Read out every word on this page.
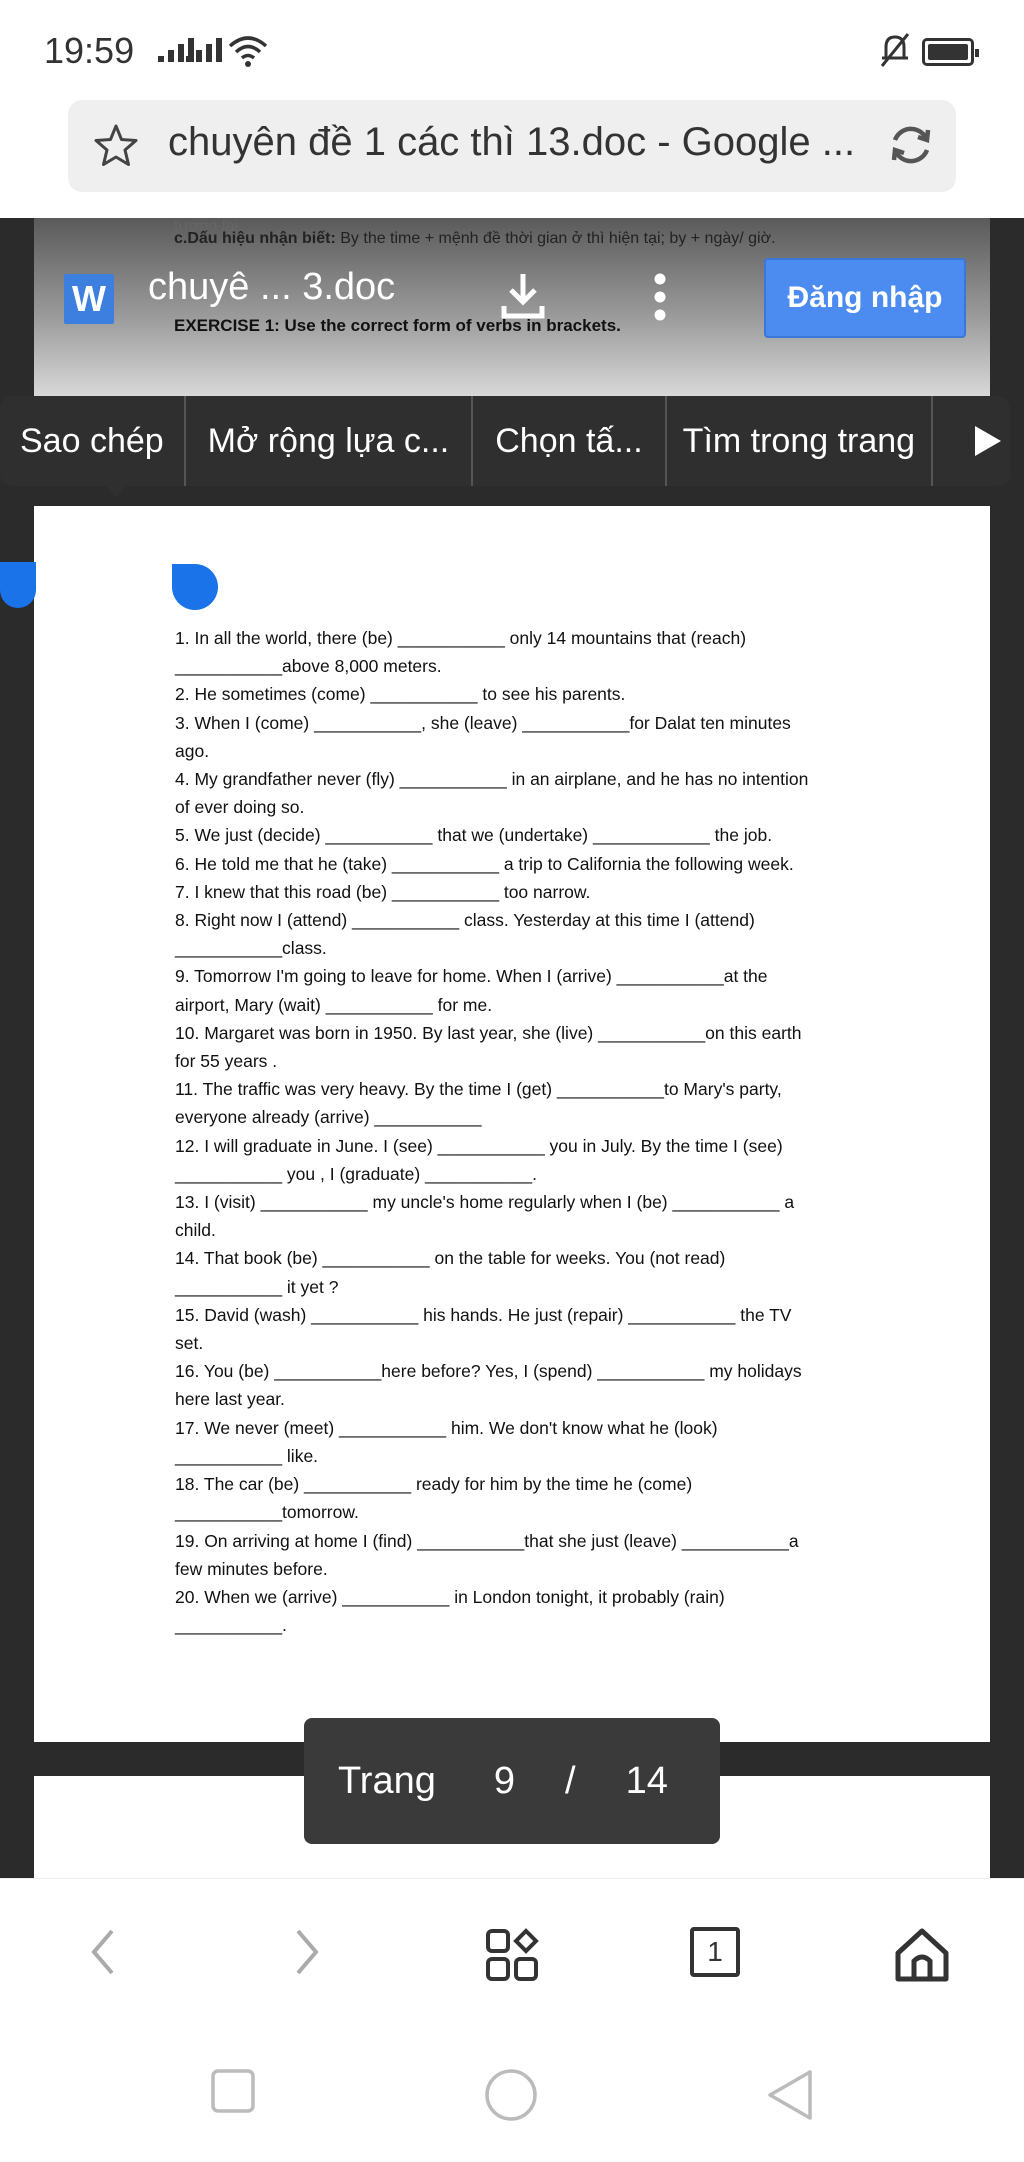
19:59
chuyên đề 1 các thì 13.doc - Google ...
tương lai.
c.Dấu hiệu nhận biết: By the time + mệnh đề thời gian ở thì hiện tại; by + ngày/ giờ.
EXERCISE 1: Use the correct form of verbs in brackets.
W chuyê ... 3.doc	Đăng nhập
Sao chép	Mở rộng lựa c...	Chọn tấ...	Tìm trong trang

1. In all the world, there (be) ___________ only 14 mountains that (reach)

___________above 8,000 meters.

2. He sometimes (come) ___________ to see his parents.

3. When I (come) ___________, she (leave) ___________for Dalat ten minutes

ago.

4. My grandfather never (fly) ___________ in an airplane, and he has no intention

of ever doing so.

5. We just (decide) ___________ that we (undertake) ____________ the job.

6. He told me that he (take) ___________ a trip to California the following week.

7. I knew that this road (be) ___________ too narrow.

8. Right now I (attend) ___________ class. Yesterday at this time I (attend)

___________class.

9. Tomorrow I'm going to leave for home. When I (arrive) ___________at the

airport, Mary (wait) ___________ for me.

10. Margaret was born in 1950. By last year, she (live) ___________on this earth

for 55 years .

11. The traffic was very heavy. By the time I (get) ___________to Mary's party,

everyone already (arrive) ___________

12. I will graduate in June. I (see) ___________ you in July. By the time I (see)

___________ you , I (graduate) ___________.

13. I (visit) ___________ my uncle's home regularly when I (be) ___________ a

child.

14. That book (be) ___________ on the table for weeks. You (not read)

___________ it yet ?

15. David (wash) ___________ his hands. He just (repair) ___________ the TV

set.

16. You (be) ___________here before? Yes, I (spend) ___________ my holidays

here last year.

17. We never (meet) ___________ him. We don't know what he (look)

___________ like.

18. The car (be) ___________ ready for him by the time he (come)

___________tomorrow.

19. On arriving at home I (find) ___________that she just (leave) ___________a

few minutes before.

20. When we (arrive) ___________ in London tonight, it probably (rain)

___________.

Trang 9 / 14
1
